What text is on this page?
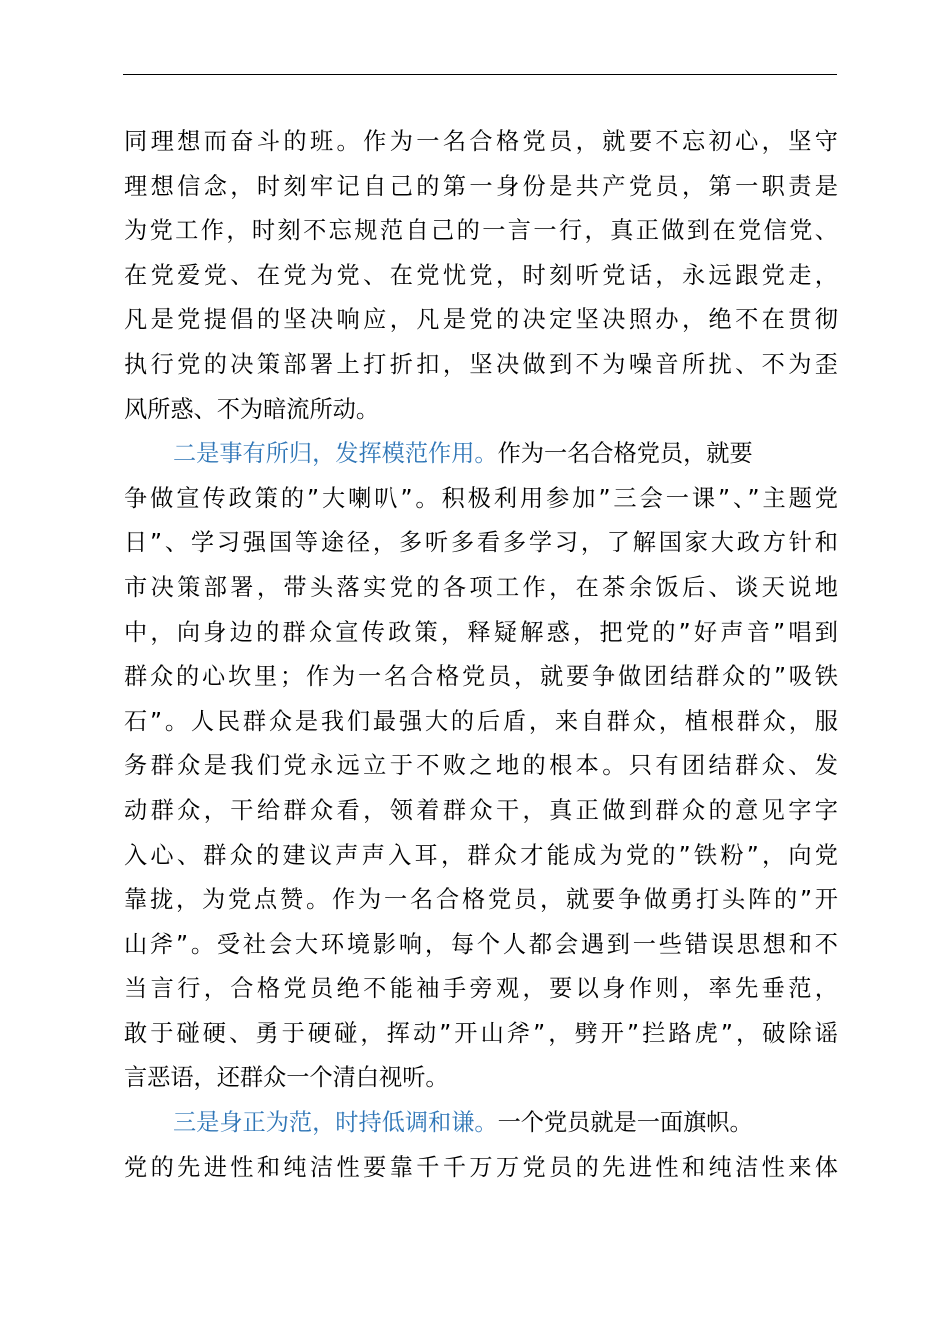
同理想而奋斗的班。作为一名合格党员，就要不忘初心，坚守
理想信念，时刻牢记自己的第一身份是共产党员，第一职责是
为党工作，时刻不忘规范自己的一言一行，真正做到在党信党、
在党爱党、在党为党、在党忧党，时刻听党话，永远跟党走，
凡是党提倡的坚决响应，凡是党的决定坚决照办，绝不在贯彻
执行党的决策部署上打折扣，坚决做到不为噪音所扰、不为歪
风所惑、不为暗流所动。
二是事有所归，发挥模范作用。作为一名合格党员，就要
争做宣传政策的”大喇叭”。积极利用参加”三会一课”、”主题党
日”、学习强国等途径，多听多看多学习，了解国家大政方针和
市决策部署，带头落实党的各项工作，在茶余饭后、谈天说地
中，向身边的群众宣传政策，释疑解惑，把党的”好声音”唱到
群众的心坎里；作为一名合格党员，就要争做团结群众的”吸铁
石”。人民群众是我们最强大的后盾，来自群众，植根群众，服
务群众是我们党永远立于不败之地的根本。只有团结群众、发
动群众，干给群众看，领着群众干，真正做到群众的意见字字
入心、群众的建议声声入耳，群众才能成为党的”铁粉”，向党
靠拢，为党点赞。作为一名合格党员，就要争做勇打头阵的”开
山斧”。受社会大环境影响，每个人都会遇到一些错误思想和不
当言行，合格党员绝不能袖手旁观，要以身作则，率先垂范，
敢于碰硬、勇于硬碰，挥动”开山斧”，劈开”拦路虎”，破除谣
言恶语，还群众一个清白视听。
三是身正为范，时持低调和谦。一个党员就是一面旗帜。
党的先进性和纯洁性要靠千千万万党员的先进性和纯洁性来体
